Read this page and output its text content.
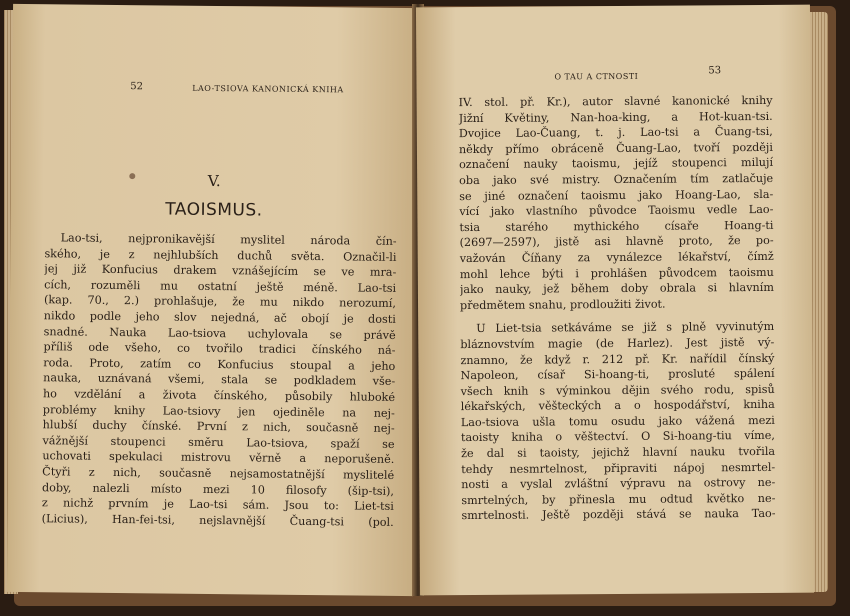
52	LAO-TSIOVA KANONICKÁ KNIHA
V.
TAOISMUS.
Lao-tsi, nejpronikavější myslitel národa čín-
ského, je z nejhlubších duchů světa. Označil-li
jej již Konfucius drakem vznášejícím se ve mra-
cích, rozuměli mu ostatní ještě méně. Lao-tsi
(kap. 70., 2.) prohlašuje, že mu nikdo nerozumí,
nikdo podle jeho slov nejedná, ač obojí je dosti
snadné. Nauka Lao-tsiova uchylovala se právě
příliš ode všeho, co tvořilo tradici čínského ná-
roda. Proto, zatím co Konfucius stoupal a jeho
nauka, uznávaná všemi, stala se podkladem vše-
ho vzdělání a života čínského, působily hluboké
problémy knihy Lao-tsiovy jen ojediněle na nej-
hlubší duchy čínské. První z nich, současně nej-
vážnější stoupenci směru Lao-tsiova, spaží se
uchovati spekulaci mistrovu věrně a neporušeně.
Čtyři z nich, současně nejsamostatnější myslitelé
doby, nalezli místo mezi 10 filosofy (šip-tsi),
z nichž prvním je Lao-tsi sám. Jsou to: Liet-tsi
(Licius), Han-fei-tsi, nejslavnější Čuang-tsi (pol.
O TAU A CTNOSTI
53
IV. stol. př. Kr.), autor slavné kanonické knihy
Jižní Květiny, Nan-hoa-king, a Hot-kuan-tsi.
Dvojice Lao-Čuang, t. j. Lao-tsi a Čuang-tsi,
někdy přímo obráceně Čuang-Lao, tvoří později
označení nauky taoismu, jejíž stoupenci milují
oba jako své mistry. Označením tím zatlačuje
se jiné označení taoismu jako Hoang-Lao, sla-
vící jako vlastního původce Taoismu vedle Lao-
tsia starého mythického císaře Hoang-ti
(2697—2597), jistě asi hlavně proto, že po-
važován Číňany za vynálezce lékařství, čímž
mohl lehce býti i prohlášen původcem taoismu
jako nauky, jež během doby obrala si hlavním
předmětem snahu, prodloužiti život.
U Liet-tsia setkáváme se již s plně vyvinutým
bláznovstvím magie (de Harlez). Jest jistě vý-
znamno, že když r. 212 př. Kr. nařídil čínský
Napoleon, císař Si-hoang-ti, prosluté spálení
všech knih s výminkou dějin svého rodu, spisů
lékařských, věšteckých a o hospodářství, kniha
Lao-tsiova ušla tomu osudu jako vážená mezi
taoisty kniha o věštectví. O Si-hoang-tiu víme,
že dal si taoisty, jejichž hlavní nauku tvořila
tehdy nesmrtelnost, připraviti nápoj nesmrtel-
nosti a vyslal zvláštní výpravu na ostrovy ne-
smrtelných, by přinesla mu odtud květko ne-
smrtelnosti. Ještě později stává se nauka Tao-
